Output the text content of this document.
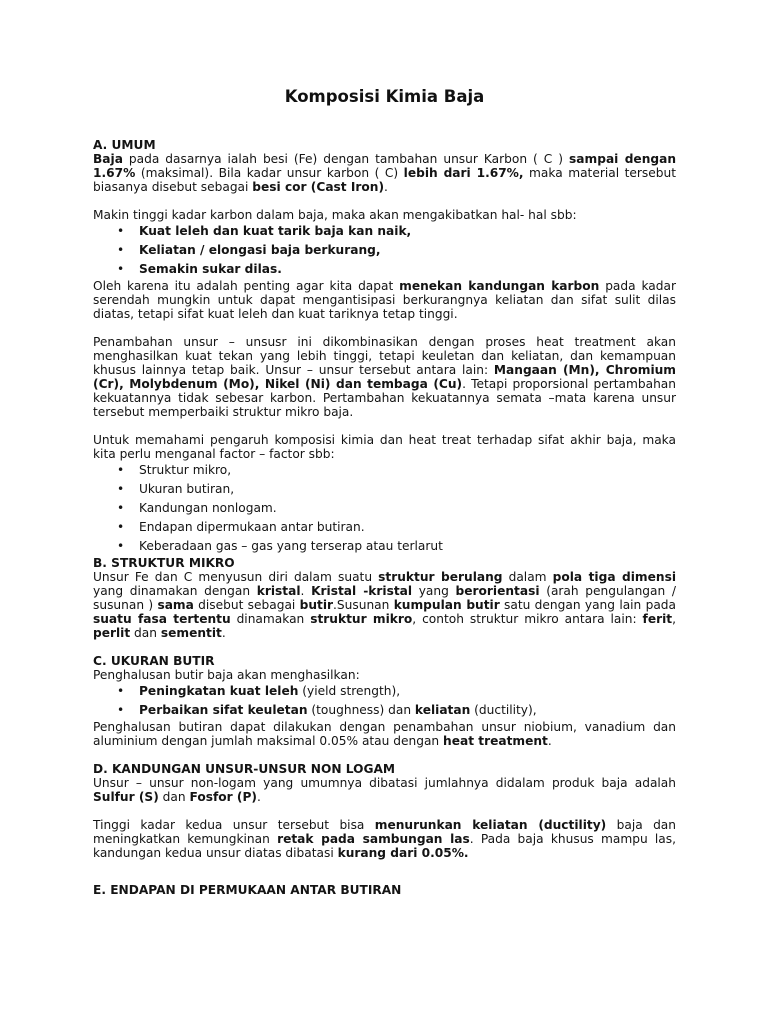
Komposisi Kimia Baja
A. UMUM

Baja pada dasarnya ialah besi (Fe) dengan tambahan unsur Karbon ( C ) sampai dengan 1.67% (maksimal). Bila kadar unsur karbon ( C) lebih dari 1.67%, maka material tersebut biasanya disebut sebagai besi cor (Cast Iron).

Makin tinggi kadar karbon dalam baja, maka akan mengakibatkan hal- hal sbb:

• Kuat leleh dan kuat tarik baja kan naik,
• Keliatan / elongasi baja berkurang,
• Semakin sukar dilas.

Oleh karena itu adalah penting agar kita dapat menekan kandungan karbon pada kadar serendah mungkin untuk dapat mengantisipasi berkurangnya keliatan dan sifat sulit dilas diatas, tetapi sifat kuat leleh dan kuat tariknya tetap tinggi.

Penambahan unsur – unsusr ini dikombinasikan dengan proses heat treatment akan menghasilkan kuat tekan yang lebih tinggi, tetapi keuletan dan keliatan, dan kemampuan khusus lainnya tetap baik. Unsur – unsur tersebut antara lain: Mangaan (Mn), Chromium (Cr), Molybdenum (Mo), Nikel (Ni) dan tembaga (Cu). Tetapi proporsional pertambahan kekuatannya tidak sebesar karbon. Pertambahan kekuatannya semata –mata karena unsur tersebut memperbaiki struktur mikro baja.

Untuk memahami pengaruh komposisi kimia dan heat treat terhadap sifat akhir baja, maka kita perlu menganal factor – factor sbb:

• Struktur mikro,
• Ukuran butiran,
• Kandungan nonlogam.
• Endapan dipermukaan antar butiran.
• Keberadaan gas – gas yang terserap atau terlarut
B. STRUKTUR MIKRO

Unsur Fe dan C menyusun diri dalam suatu struktur berulang dalam pola tiga dimensi yang dinamakan dengan kristal. Kristal -kristal yang berorientasi (arah pengulangan / susunan ) sama disebut sebagai butir.Susunan kumpulan butir satu dengan yang lain pada suatu fasa tertentu dinamakan struktur mikro, contoh struktur mikro antara lain: ferit, perlit dan sementit.

C. UKURAN BUTIR

Penghalusan butir baja akan menghasilkan:

• Peningkatan kuat leleh (yield strength),
• Perbaikan sifat keuletan (toughness) dan keliatan (ductility),

Penghalusan butiran dapat dilakukan dengan penambahan unsur niobium, vanadium dan aluminium dengan jumlah maksimal 0.05% atau dengan heat treatment.

D. KANDUNGAN UNSUR-UNSUR NON LOGAM

Unsur – unsur non-logam yang umumnya dibatasi jumlahnya didalam produk baja adalah Sulfur (S) dan Fosfor (P).

Tinggi kadar kedua unsur tersebut bisa menurunkan keliatan (ductility) baja dan meningkatkan kemungkinan retak pada sambungan las. Pada baja khusus mampu las, kandungan kedua unsur diatas dibatasi kurang dari 0.05%.

E. ENDAPAN DI PERMUKAAN ANTAR BUTIRAN
